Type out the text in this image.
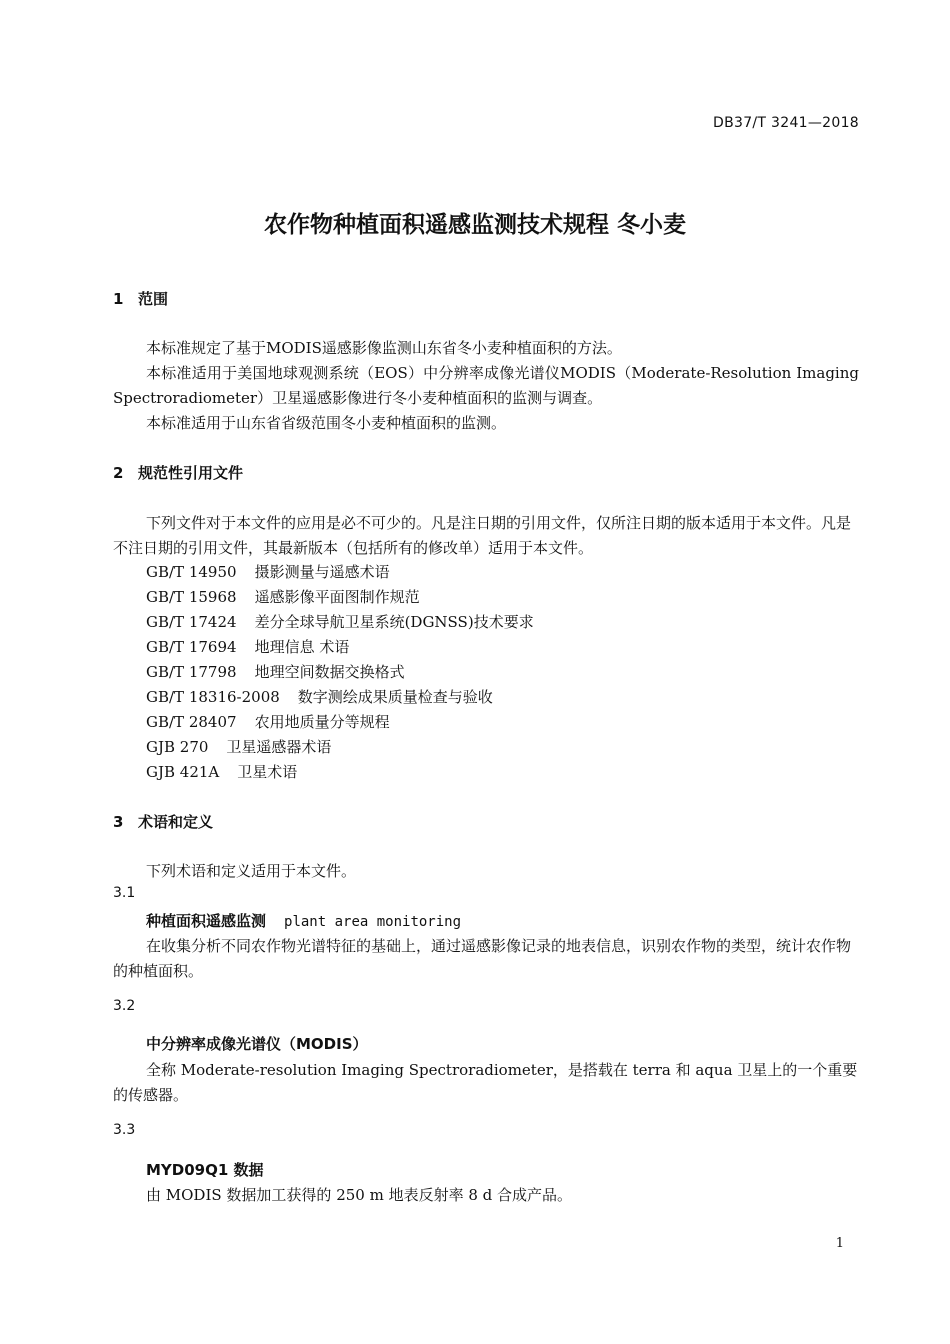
DB37/T 3241—2018
农作物种植面积遥感监测技术规程 冬小麦
1 范围
本标准规定了基于MODIS遥感影像监测山东省冬小麦种植面积的方法。
本标准适用于美国地球观测系统（EOS）中分辨率成像光谱仪MODIS（Moderate-Resolution Imaging Spectroradiometer）卫星遥感影像进行冬小麦种植面积的监测与调查。
本标准适用于山东省省级范围冬小麦种植面积的监测。
2 规范性引用文件
下列文件对于本文件的应用是必不可少的。凡是注日期的引用文件，仅所注日期的版本适用于本文件。凡是不注日期的引用文件，其最新版本（包括所有的修改单）适用于本文件。
GB/T 14950 摄影测量与遥感术语
GB/T 15968 遥感影像平面图制作规范
GB/T 17424 差分全球导航卫星系统(DGNSS)技术要求
GB/T 17694 地理信息 术语
GB/T 17798 地理空间数据交换格式
GB/T 18316-2008 数字测绘成果质量检查与验收
GB/T 28407 农用地质量分等规程
GJB 270 卫星遥感器术语
GJB 421A 卫星术语
3 术语和定义
下列术语和定义适用于本文件。
3.1
种植面积遥感监测 plant area monitoring
在收集分析不同农作物光谱特征的基础上，通过遥感影像记录的地表信息，识别农作物的类型，统计农作物的种植面积。
3.2
中分辨率成像光谱仪（MODIS）
全称 Moderate-resolution Imaging Spectroradiometer，是搭载在 terra 和 aqua 卫星上的一个重要的传感器。
3.3
MYD09Q1 数据
由 MODIS 数据加工获得的 250 m 地表反射率 8 d 合成产品。
1
